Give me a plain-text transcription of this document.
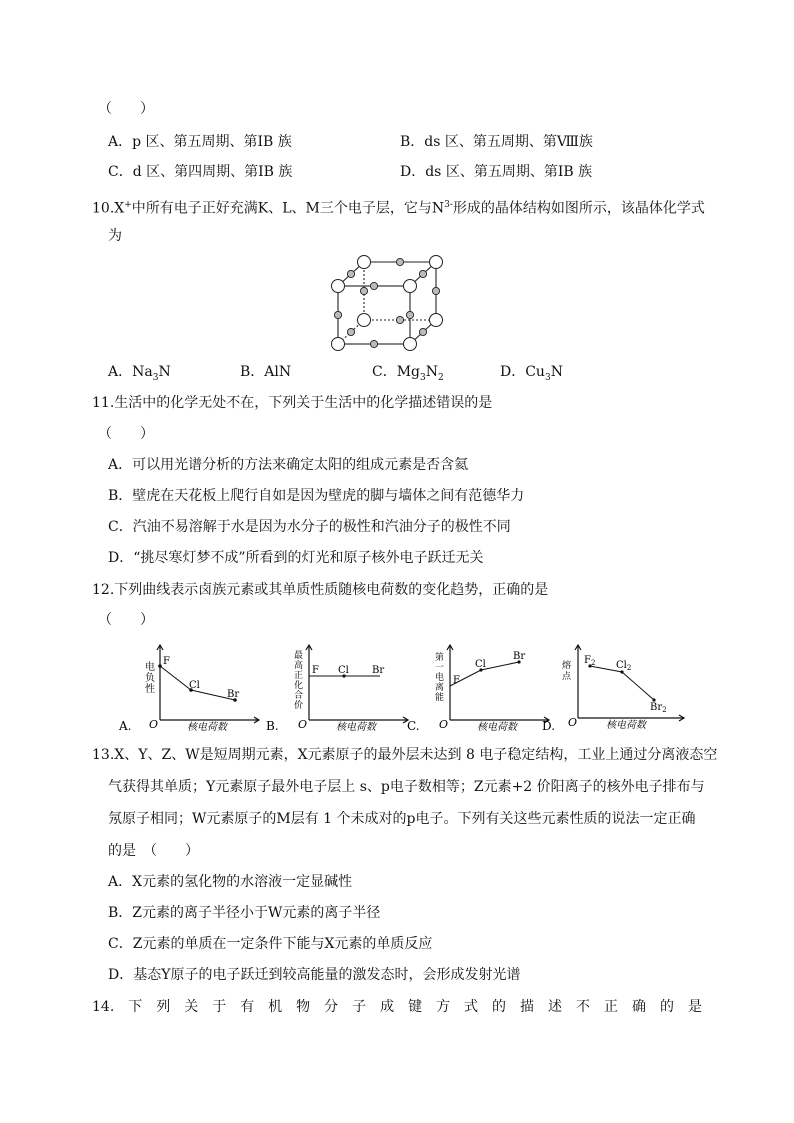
（　　）
A．p 区、第五周期、第ⅠB 族	B．ds 区、第五周期、第Ⅷ族
C．d 区、第四周期、第ⅠB 族	D．ds 区、第五周期、第ⅠB 族
10.X+中所有电子正好充满K、L、M三个电子层，它与$N^{3-}$形成的晶体结构如图所示，该晶体化学式
为
A．$Na_3N$	B．AlN	C．$Mg_3N_2$	D．$Cu_3N$
11.生活中的化学无处不在，下列关于生活中的化学描述错误的是
（　　）
A．可以用光谱分析的方法来确定太阳的组成元素是否含氦
B．壁虎在天花板上爬行自如是因为壁虎的脚与墙体之间有范德华力
C．汽油不易溶解于水是因为水分子的极性和汽油分子的极性不同
D．“挑尽寒灯梦不成”所看到的灯光和原子核外电子跃迁无关
12.下列曲线表示卤族元素或其单质性质随核电荷数的变化趋势，正确的是
（　　）
A. O
电
负
性
核电荷数
F
Cl
Br
B. O
最
高
正
化
合
价
核电荷数
F Cl Br
C. O
第
一
电
离
能
核电荷数
F
Cl
Br
D. O
熔
点
核电荷数
$F_2$ $Cl_2$
$Br_2$
13.X、Y、Z、W是短周期元素，X元素原子的最外层未达到 8 电子稳定结构，工业上通过分离液态空
气获得其单质；Y元素原子最外电子层上 s、p电子数相等；Z元素+2 价阳离子的核外电子排布与
氖原子相同；W元素原子的M层有 1 个未成对的p电子。下列有关这些元素性质的说法一定正确
的是　（　　）
A．X元素的氢化物的水溶液一定显碱性
B．Z元素的离子半径小于W元素的离子半径
C．Z元素的单质在一定条件下能与X元素的单质反应
D．基态Y原子的电子跃迁到较高能量的激发态时，会形成发射光谱
14. 下 列 关 于 有 机 物 分 子 成 键 方 式 的 描 述 不 正 确 的 是
